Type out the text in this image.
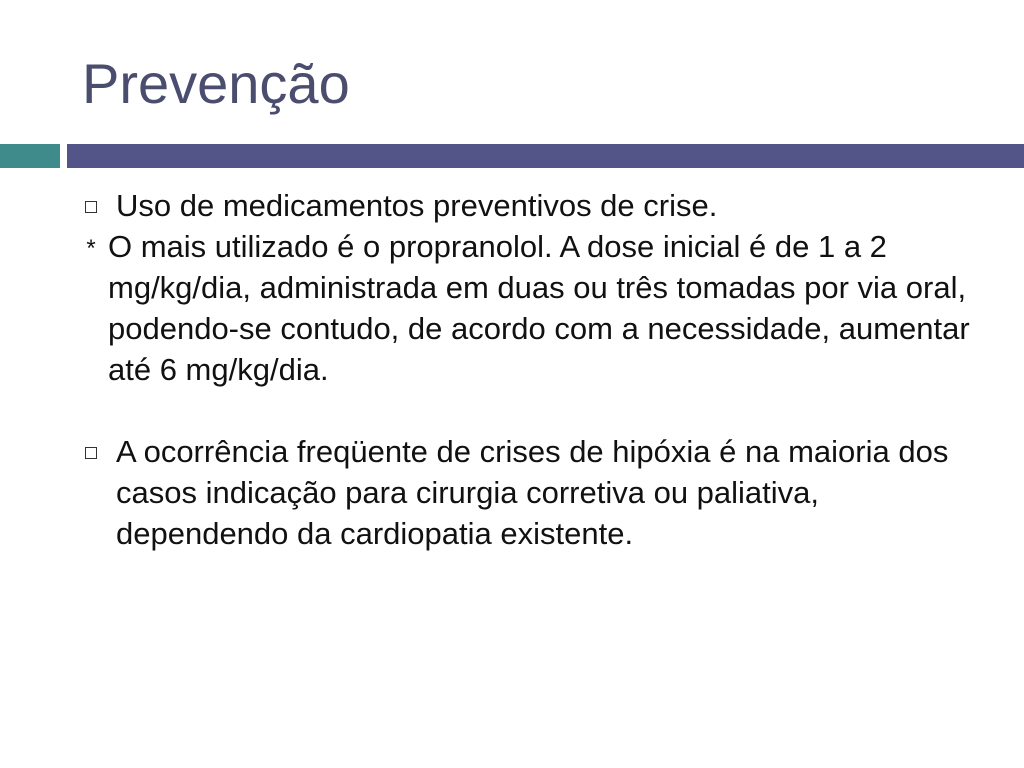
Prevenção
Uso de medicamentos preventivos de crise.
* O mais utilizado é o propranolol. A dose inicial é de 1 a 2 mg/kg/dia, administrada em duas ou três tomadas por via oral, podendo-se contudo, de acordo com a necessidade, aumentar até 6 mg/kg/dia.
A ocorrência freqüente de crises de hipóxia é na maioria dos casos indicação para cirurgia corretiva ou paliativa, dependendo da cardiopatia existente.
